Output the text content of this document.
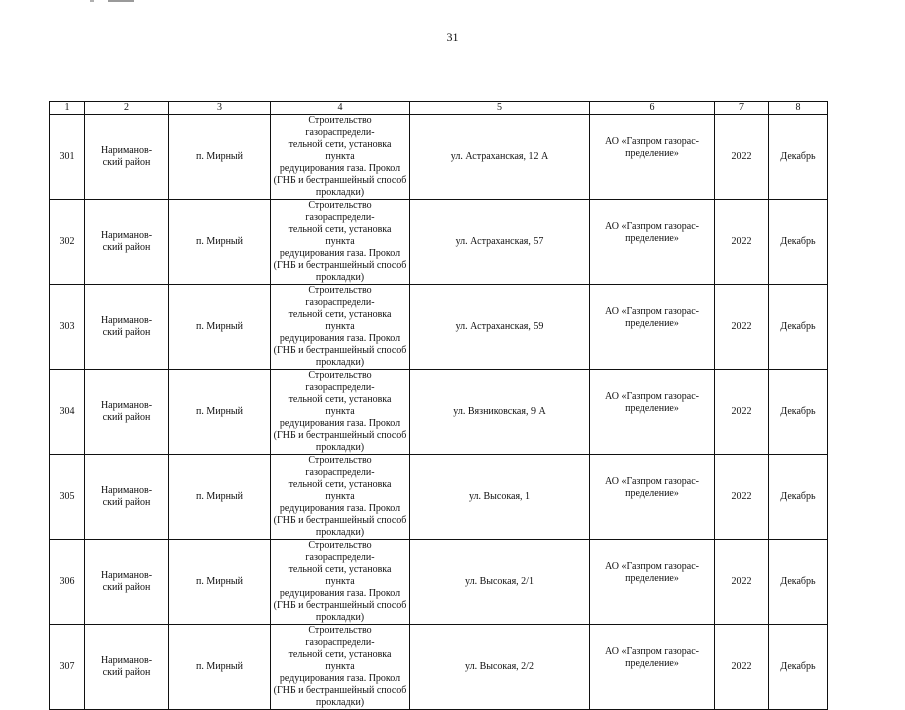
31
1	2	3	4	5	6	7	8
301	Нариманов-
ский район	п. Мирный	Строительство газораспредели-
тельной сети, установка пункта
редуцирования газа. Прокол
(ГНБ и бестраншейный способ
прокладки)	ул. Астраханская, 12 А	АО «Газпром газорас-
пределение»	2022	Декабрь
302	Нариманов-
ский район	п. Мирный	Строительство газораспредели-
тельной сети, установка пункта
редуцирования газа. Прокол
(ГНБ и бестраншейный способ
прокладки)	ул. Астраханская, 57	АО «Газпром газорас-
пределение»	2022	Декабрь
303	Нариманов-
ский район	п. Мирный	Строительство газораспредели-
тельной сети, установка пункта
редуцирования газа. Прокол
(ГНБ и бестраншейный способ
прокладки)	ул. Астраханская, 59	АО «Газпром газорас-
пределение»	2022	Декабрь
304	Нариманов-
ский район	п. Мирный	Строительство газораспредели-
тельной сети, установка пункта
редуцирования газа. Прокол
(ГНБ и бестраншейный способ
прокладки)	ул. Вязниковская, 9 А	АО «Газпром газорас-
пределение»	2022	Декабрь
305	Нариманов-
ский район	п. Мирный	Строительство газораспредели-
тельной сети, установка пункта
редуцирования газа. Прокол
(ГНБ и бестраншейный способ
прокладки)	ул. Высокая, 1	АО «Газпром газорас-
пределение»	2022	Декабрь
306	Нариманов-
ский район	п. Мирный	Строительство газораспредели-
тельной сети, установка пункта
редуцирования газа. Прокол
(ГНБ и бестраншейный способ
прокладки)	ул. Высокая, 2/1	АО «Газпром газорас-
пределение»	2022	Декабрь
307	Нариманов-
ский район	п. Мирный	Строительство газораспредели-
тельной сети, установка пункта
редуцирования газа. Прокол
(ГНБ и бестраншейный способ
прокладки)	ул. Высокая, 2/2	АО «Газпром газорас-
пределение»	2022	Декабрь
